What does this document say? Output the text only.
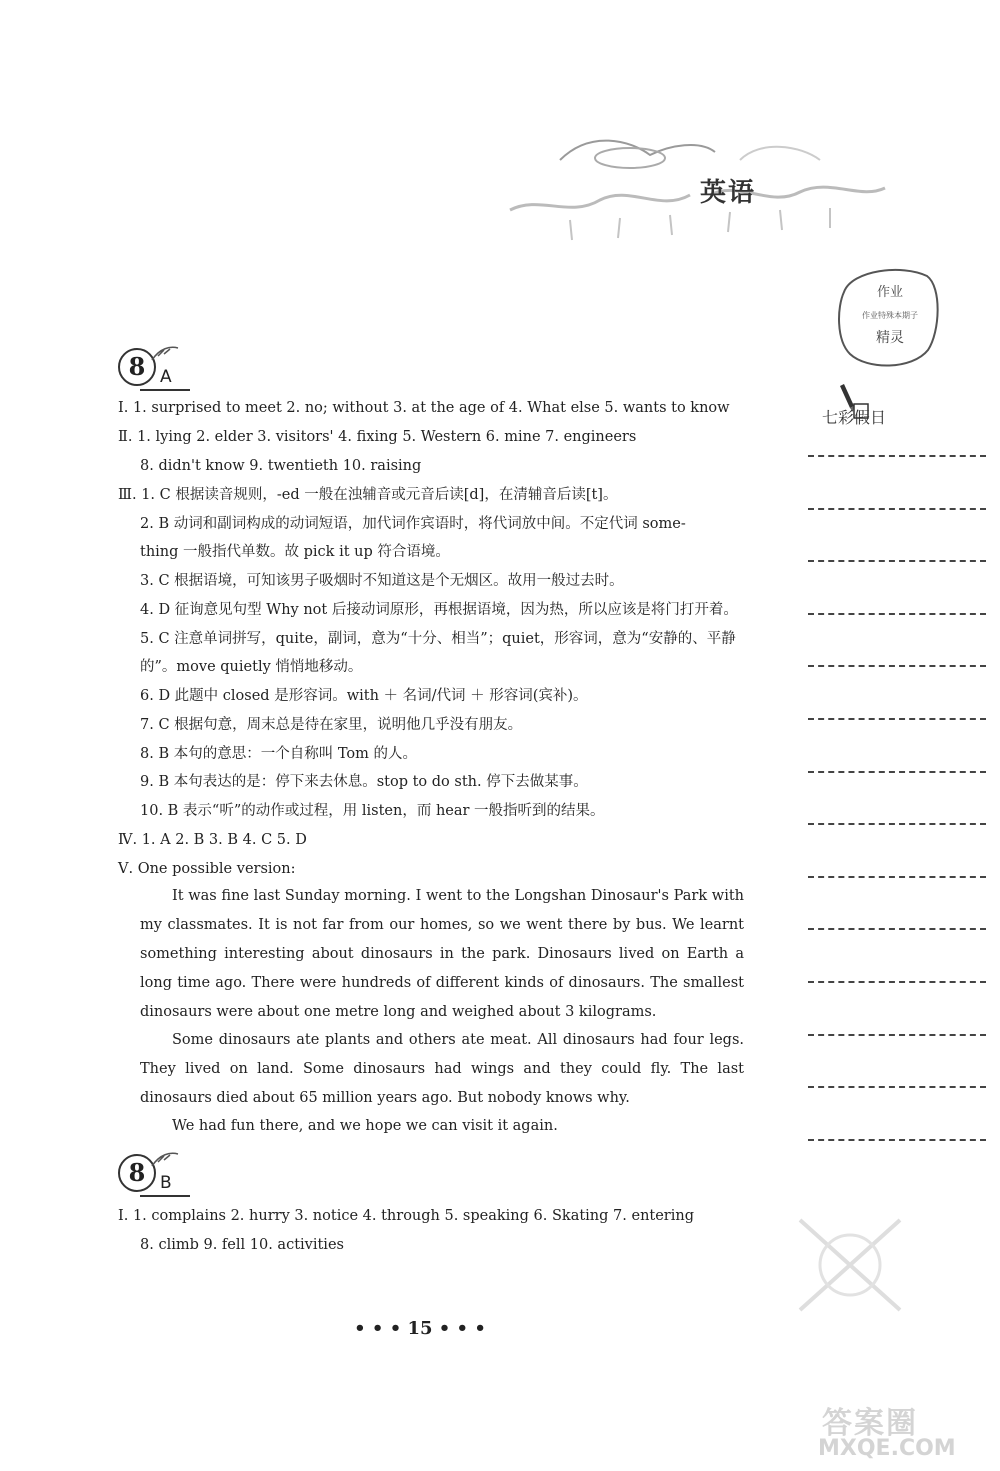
英语
作业
作业特殊本期子
精灵
七彩假日
8 A
Ⅰ. 1. surprised to meet 2. no; without 3. at the age of 4. What else 5. wants to know
Ⅱ. 1. lying 2. elder 3. visitors' 4. fixing 5. Western 6. mine 7. engineers
8. didn't know 9. twentieth 10. raising
Ⅲ. 1. C 根据读音规则，-ed 一般在浊辅音或元音后读[d]，在清辅音后读[t]。
2. B 动词和副词构成的动词短语，加代词作宾语时，将代词放中间。不定代词 some-
thing 一般指代单数。故 pick it up 符合语境。
3. C 根据语境，可知该男子吸烟时不知道这是个无烟区。故用一般过去时。
4. D 征询意见句型 Why not 后接动词原形，再根据语境，因为热，所以应该是将门打开着。
5. C 注意单词拼写，quite，副词，意为“十分、相当”；quiet，形容词，意为“安静的、平静
的”。move quietly 悄悄地移动。
6. D 此题中 closed 是形容词。with ＋ 名词/代词 ＋ 形容词(宾补)。
7. C 根据句意，周末总是待在家里，说明他几乎没有朋友。
8. B 本句的意思：一个自称叫 Tom 的人。
9. B 本句表达的是：停下来去休息。stop to do sth. 停下去做某事。
10. B 表示“听”的动作或过程，用 listen，而 hear 一般指听到的结果。
Ⅳ. 1. A 2. B 3. B 4. C 5. D
Ⅴ. One possible version:
It was fine last Sunday morning. I went to the Longshan Dinosaur's Park with my classmates. It is not far from our homes, so we went there by bus. We learnt something interesting about dinosaurs in the park. Dinosaurs lived on Earth a long time ago. There were hundreds of different kinds of dinosaurs. The smallest dinosaurs were about one metre long and weighed about 3 kilograms.
Some dinosaurs ate plants and others ate meat. All dinosaurs had four legs. They lived on land. Some dinosaurs had wings and they could fly. The last dinosaurs died about 65 million years ago. But nobody knows why.
We had fun there, and we hope we can visit it again.
8 B
Ⅰ. 1. complains 2. hurry 3. notice 4. through 5. speaking 6. Skating 7. entering
8. climb 9. fell 10. activities
• • • 15 • • •
答案圈
MXQE.COM
